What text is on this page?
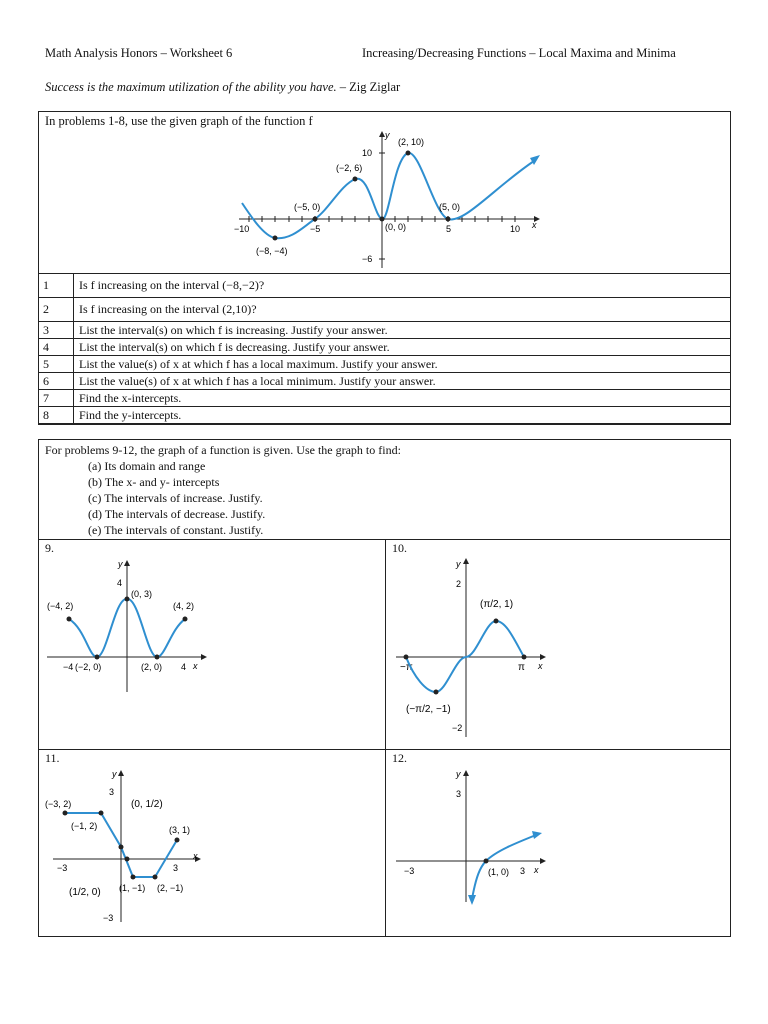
Math Analysis Honors – Worksheet 6	Increasing/Decreasing Functions – Local Maxima and Minima
Success is the maximum utilization of the ability you have. – Zig Ziglar
In problems 1-8, use the given graph of the function f
y
x
−10	−5	5	10
10
−6
(2, 10)
(−2, 6)
(−5, 0)
(0, 0)
(5, 0)
(−8, −4)
1	Is f increasing on the interval (−8,−2)?
2	Is f increasing on the interval (2,10)?
3	List the interval(s) on which f is increasing. Justify your answer.
4	List the interval(s) on which f is decreasing. Justify your answer.
5	List the value(s) of x at which f has a local maximum. Justify your answer.
6	List the value(s) of x at which f has a local minimum. Justify your answer.
7	Find the x-intercepts.
8	Find the y-intercepts.
For problems 9-12, the graph of a function is given. Use the graph to find:
(a) Its domain and range
(b) The x- and y- intercepts
(c) The intervals of increase. Justify.
(d) The intervals of decrease. Justify.
(e) The intervals of constant. Justify.
9.
y
x
−4	4
4
(−4, 2)
(0, 3)
(4, 2)
(−2, 0)	(2, 0)
10.
y
x
2
−2
−π	π
(π/2, 1)
(−π/2, −1)
11.
y
x
−3	3
3
−3
(−3, 2)
(−1, 2)
(0, 1/2)
(3, 1)
(1/2, 0) (1, −1) (2, −1)
12.
y
x
−3	3
3
(1, 0)
